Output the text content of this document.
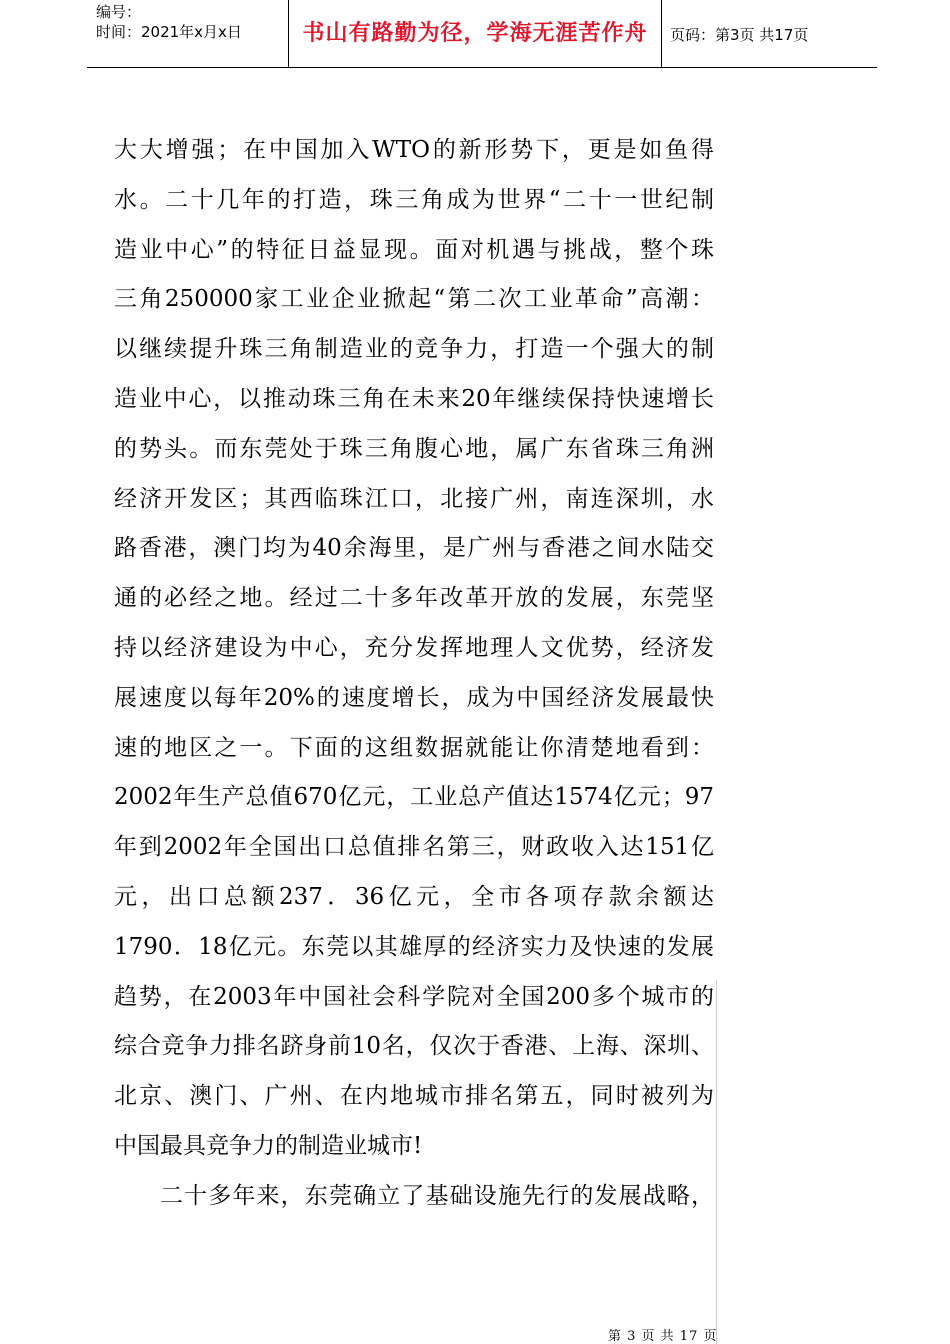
编号：
时间：2021年x月x日	书山有路勤为径，学海无涯苦作舟	页码：第3页 共17页
大大增强；在中国加入WTO的新形势下，更是如鱼得
水。二十几年的打造，珠三角成为世界“二十一世纪制
造业中心”的特征日益显现。面对机遇与挑战，整个珠
三角250000家工业企业掀起“第二次工业革命”高潮：
以继续提升珠三角制造业的竞争力，打造一个强大的制
造业中心，以推动珠三角在未来20年继续保持快速增长
的势头。而东莞处于珠三角腹心地，属广东省珠三角洲
经济开发区；其西临珠江口，北接广州，南连深圳，水
路香港，澳门均为40余海里，是广州与香港之间水陆交
通的必经之地。经过二十多年改革开放的发展，东莞坚
持以经济建设为中心，充分发挥地理人文优势，经济发
展速度以每年20%的速度增长，成为中国经济发展最快
速的地区之一。下面的这组数据就能让你清楚地看到：
2002年生产总值670亿元，工业总产值达1574亿元；97
年到2002年全国出口总值排名第三，财政收入达151亿
元，出口总额237．36亿元，全市各项存款余额达
1790．18亿元。东莞以其雄厚的经济实力及快速的发展
趋势，在2003年中国社会科学院对全国200多个城市的
综合竞争力排名跻身前10名，仅次于香港、上海、深圳、
北京、澳门、广州、在内地城市排名第五，同时被列为
中国最具竞争力的制造业城市!
二十多年来，东莞确立了基础设施先行的发展战略，
第 3 页 共 17 页
